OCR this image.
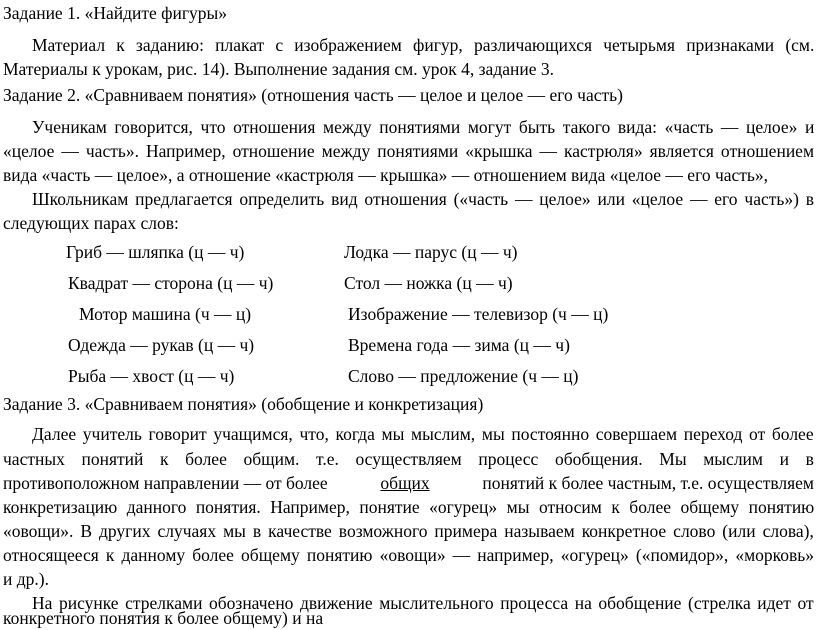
Задание 1. «Найдите фигуры»
Материал к заданию: плакат с изображением фигур, различающихся четырьмя признаками (см.
Материалы к урокам, рис. 14). Выполнение задания см. урок 4, задание 3.
Задание 2. «Сравниваем понятия» (отношения часть — целое и целое — его часть)
Ученикам говорится, что отношения между понятиями могут быть такого вида: «часть — целое» и
«целое — часть». Например, отношение между понятиями «крышка — кастрюля» является отношением
вида «часть — целое», а отношение «кастрюля — крышка» — отношением вида «целое — его часть»,
Школьникам предлагается определить вид отношения («часть — целое» или «целое — его часть») в
следующих парах слов:
Гриб — шляпка (ц — ч)	Лодка — парус (ц — ч)
Квадрат — сторона (ц — ч)	Стол — ножка (ц — ч)
Мотор машина (ч — ц)	Изображение — телевизор (ч — ц)
Одежда — рукав (ц — ч)	Времена года — зима (ц — ч)
Рыба — хвост (ц — ч)	Слово — предложение (ч — ц)
Задание 3. «Сравниваем понятия» (обобщение и конкретизация)
Далее учитель говорит учащимся, что, когда мы мыслим, мы постоянно совершаем переход от более
частных понятий к более общим. т.е. осуществляем процесс обобщения. Мы мыслим и в
противоположном направлении — от более	общих	понятий к более частным, т.е. осуществляем
конкретизацию данного понятия. Например, понятие «огурец» мы относим к более общему понятию
«овощи». В других случаях мы в качестве возможного примера называем конкретное слово (или слова),
относящееся к данному более общему понятию «овощи» — например, «огурец» («помидор», «морковь»
и др.).
На рисунке стрелками обозначено движение мыслительного процесса на обобщение (стрелка идет от
конкретного понятия к более общему) и на
